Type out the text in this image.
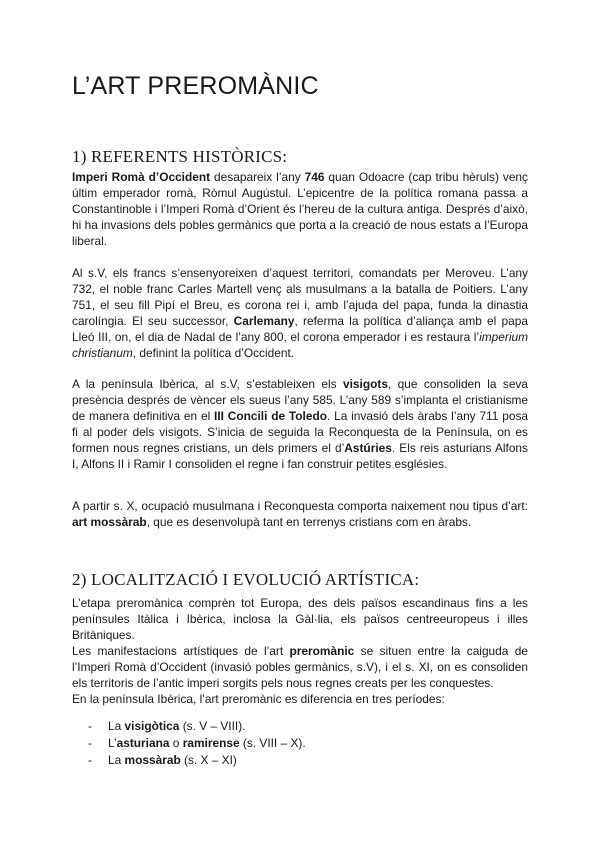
L’ART PREROMÀNIC
1) REFERENTS HISTÒRICS:

Imperi Romà d’Occident desapareix l’any 746 quan Odoacre (cap tribu hèruls) venç últim emperador romà, Ròmul Augústul. L’epicentre de la política romana passa a Constantinoble i l’Imperi Romà d’Orient és l’hereu de la cultura antiga. Després d’això, hi ha invasions dels pobles germànics que porta a la creació de nous estats a l’Europa liberal.

Al s.V, els francs s’ensenyoreixen d’aquest territori, comandats per Meroveu. L’any 732, el noble franc Carles Martell venç als musulmans a la batalla de Poitiers. L’any 751, el seu fill Pipí el Breu, es corona rei i, amb l’ajuda del papa, funda la dinastia carolíngia. El seu successor, Carlemany, referma la política d’aliança amb el papa Lleó III, on, el dia de Nadal de l’any 800, el corona emperador i es restaura l’imperium christianum, definint la política d’Occident.

A la península Ibèrica, al s.V, s’estableixen els visigots, que consoliden la seva presència després de vèncer els sueus l’any 585. L’any 589 s’implanta el cristianisme de manera definitiva en el III Concili de Toledo. La invasió dels àrabs l’any 711 posa fi al poder dels visigots. S’inicia de seguida la Reconquesta de la Península, on es formen nous regnes cristians, un dels primers el d’Astúries. Els reis asturians Alfons I, Alfons II i Ramir I consoliden el regne i fan construir petites esglésies.

A partir s. X, ocupació musulmana i Reconquesta comporta naixement nou tipus d’art: art mossàrab, que es desenvolupà tant en terrenys cristians com en àrabs.

2) LOCALITZACIÓ I EVOLUCIÓ ARTÍSTICA:

L’etapa preromànica comprèn tot Europa, des dels països escandinaus fins a les penínsules Itàlica i Ibèrica, inclosa la Gàl·lia, els països centreeuropeus i illes Britàniques.

Les manifestacions artístiques de l’art preromànic se situen entre la caiguda de l’Imperi Romà d’Occident (invasió pobles germànics, s.V), i el s. XI, on es consoliden els territoris de l’antic imperi sorgits pels nous regnes creats per les conquestes.

En la península Ibèrica, l’art preromànic es diferencia en tres períodes:

- La visigòtica (s. V – VIII).
- L’asturiana o ramirense (s. VIII – X).
- La mossàrab (s. X – XI)
